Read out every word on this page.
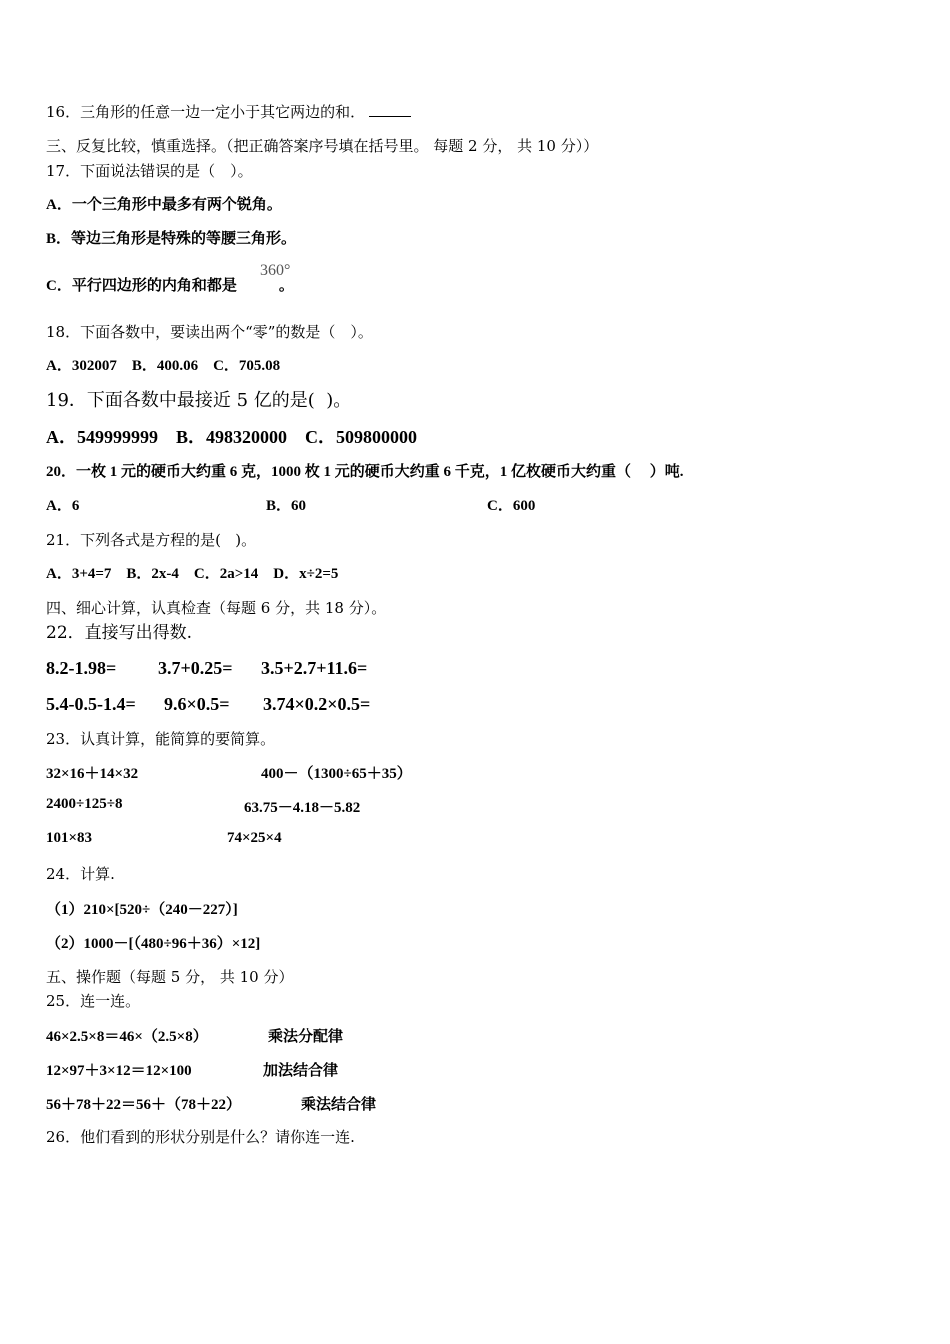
16．三角形的任意一边一定小于其它两边的和．
三、反复比较，慎重选择。（把正确答案序号填在括号里。 每题 2 分， 共 10 分））
17．下面说法错误的是（　）。
A．一个三角形中最多有两个锐角。
B．等边三角形是特殊的等腰三角形。
C．平行四边形的内角和都是	。
360°
18．下面各数中，要读出两个“零”的数是（　）。
A．302007　B．400.06　C．705.08
19．下面各数中最接近 5 亿的是(  )。
A．549999999　B．498320000　C．509800000
20．一枚 1 元的硬币大约重 6 克，1000 枚 1 元的硬币大约重 6 千克，1 亿枚硬币大约重（　 ）吨.
A．6	B．60	C．600
21．下列各式是方程的是(   )。
A．3+4=7　B．2x-4　C．2a>14　D．x÷2=5
四、细心计算，认真检查（每题 6 分，共 18 分）。
22．直接写出得数.
8.2-1.98= 3.7+0.25= 3.5+2.7+11.6=
5.4-0.5-1.4= 9.6×0.5= 3.74×0.2×0.5=
23．认真计算，能简算的要简算。
32×16＋14×32	400－（1300÷65＋35）
2400÷125÷8	63.75－4.18－5.82
101×83	74×25×4
24．计算.
（1）210×[520÷（240－227）]
（2）1000－[（480÷96＋36）×12]
五、操作题（每题 5 分， 共 10 分）
25．连一连。
46×2.5×8＝46×（2.5×8）	乘法分配律
12×97＋3×12＝12×100	加法结合律
56＋78＋22＝56＋（78＋22）	乘法结合律
26．他们看到的形状分别是什么？请你连一连.
